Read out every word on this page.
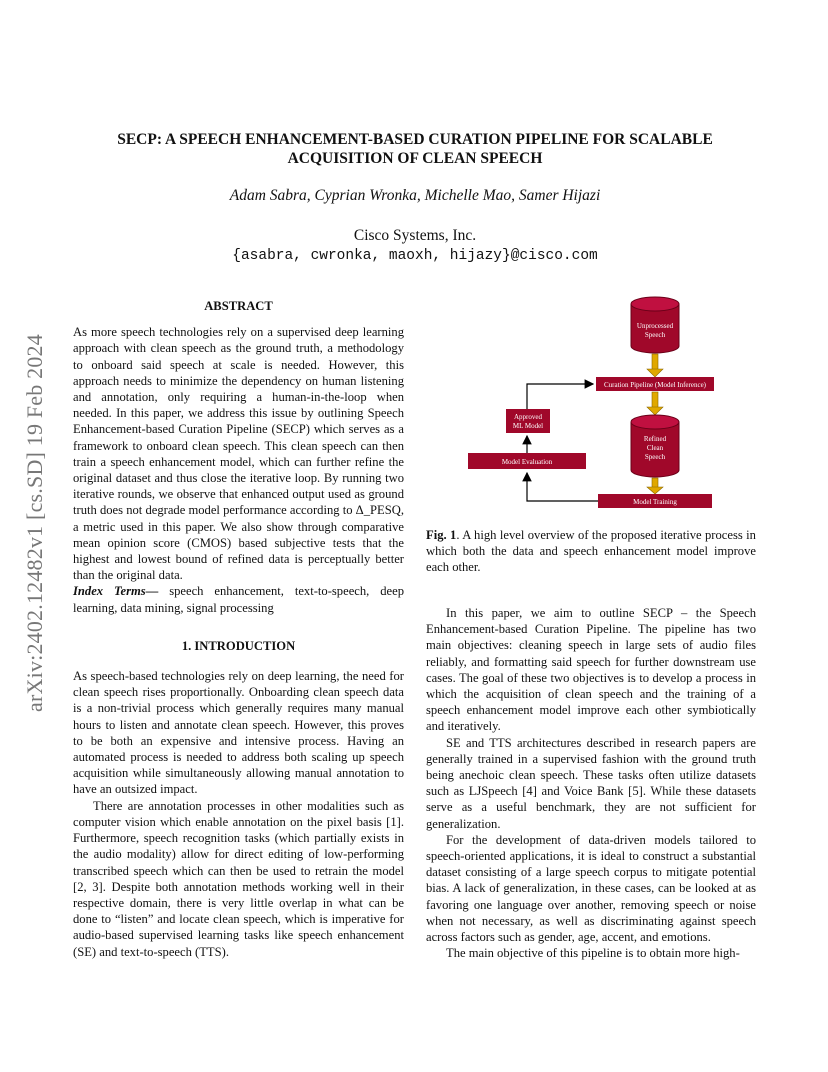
arXiv:2402.12482v1 [cs.SD] 19 Feb 2024
SECP: A SPEECH ENHANCEMENT-BASED CURATION PIPELINE FOR SCALABLE
ACQUISITION OF CLEAN SPEECH
Adam Sabra, Cyprian Wronka, Michelle Mao, Samer Hijazi
Cisco Systems, Inc.
{asabra, cwronka, maoxh, hijazy}@cisco.com
ABSTRACT

As more speech technologies rely on a supervised deep learning approach with clean speech as the ground truth, a methodology to onboard said speech at scale is needed. However, this approach needs to minimize the dependency on human listening and annotation, only requiring a human-in-the-loop when needed. In this paper, we address this issue by outlining Speech Enhancement-based Curation Pipeline (SECP) which serves as a framework to onboard clean speech. This clean speech can then train a speech enhancement model, which can further refine the original dataset and thus close the iterative loop. By running two iterative rounds, we observe that enhanced output used as ground truth does not degrade model performance according to Δ_PESQ, a metric used in this paper. We also show through comparative mean opinion score (CMOS) based subjective tests that the highest and lowest bound of refined data is perceptually better than the original data.

Index Terms— speech enhancement, text-to-speech, deep learning, data mining, signal processing

1. INTRODUCTION

As speech-based technologies rely on deep learning, the need for clean speech rises proportionally. Onboarding clean speech data is a non-trivial process which generally requires many manual hours to listen and annotate clean speech. However, this proves to be both an expensive and intensive process. Having an automated process is needed to address both scaling up speech acquisition while simultaneously allowing manual annotation to have an outsized impact.

There are annotation processes in other modalities such as computer vision which enable annotation on the pixel basis [1]. Furthermore, speech recognition tasks (which partially exists in the audio modality) allow for direct editing of low-performing transcribed speech which can then be used to retrain the model [2, 3]. Despite both annotation methods working well in their respective domain, there is very little overlap in what can be done to “listen” and locate clean speech, which is imperative for audio-based supervised learning tasks like speech enhancement (SE) and text-to-speech (TTS).

Unprocessed
Speech
Curation Pipeline (Model Inference)
Refined
Clean
Speech
Model Training
Model Evaluation
Approved
ML Model
Fig. 1. A high level overview of the proposed iterative process in which both the data and speech enhancement model improve each other.

In this paper, we aim to outline SECP – the Speech Enhancement-based Curation Pipeline. The pipeline has two main objectives: cleaning speech in large sets of audio files reliably, and formatting said speech for further downstream use cases. The goal of these two objectives is to develop a process in which the acquisition of clean speech and the training of a speech enhancement model improve each other symbiotically and iteratively.

SE and TTS architectures described in research papers are generally trained in a supervised fashion with the ground truth being anechoic clean speech. These tasks often utilize datasets such as LJSpeech [4] and Voice Bank [5]. While these datasets serve as a useful benchmark, they are not sufficient for generalization.

For the development of data-driven models tailored to speech-oriented applications, it is ideal to construct a substantial dataset consisting of a large speech corpus to mitigate potential bias. A lack of generalization, in these cases, can be looked at as favoring one language over another, removing speech or noise when not necessary, as well as discriminating against speech across factors such as gender, age, accent, and emotions.

The main objective of this pipeline is to obtain more high-
